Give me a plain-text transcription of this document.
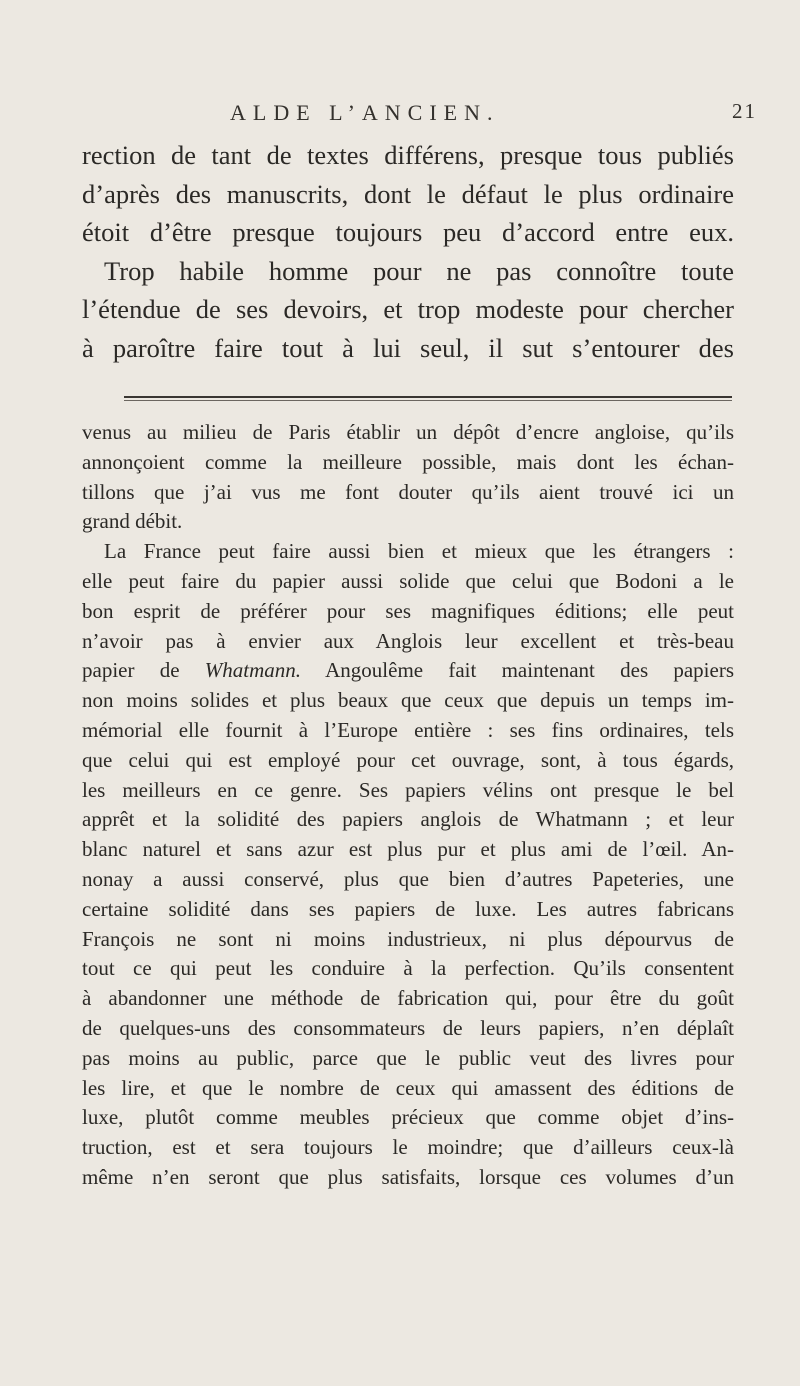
ALDE L’ANCIEN.	21
rection de tant de textes différens, presque tous publiés
d’après des manuscrits, dont le défaut le plus ordinaire
étoit d’être presque toujours peu d’accord entre eux.
Trop habile homme pour ne pas connoître toute
l’étendue de ses devoirs, et trop modeste pour chercher
à paroître faire tout à lui seul, il sut s’entourer des
venus au milieu de Paris établir un dépôt d’encre angloise, qu’ils
annonçoient comme la meilleure possible, mais dont les échan-
tillons que j’ai vus me font douter qu’ils aient trouvé ici un
grand débit.
La France peut faire aussi bien et mieux que les étrangers :
elle peut faire du papier aussi solide que celui que Bodoni a le
bon esprit de préférer pour ses magnifiques éditions; elle peut
n’avoir pas à envier aux Anglois leur excellent et très-beau
papier de Whatmann. Angoulême fait maintenant des papiers
non moins solides et plus beaux que ceux que depuis un temps im-
mémorial elle fournit à l’Europe entière : ses fins ordinaires, tels
que celui qui est employé pour cet ouvrage, sont, à tous égards,
les meilleurs en ce genre. Ses papiers vélins ont presque le bel
apprêt et la solidité des papiers anglois de Whatmann ; et leur
blanc naturel et sans azur est plus pur et plus ami de l’œil. An-
nonay a aussi conservé, plus que bien d’autres Papeteries, une
certaine solidité dans ses papiers de luxe. Les autres fabricans
François ne sont ni moins industrieux, ni plus dépourvus de
tout ce qui peut les conduire à la perfection. Qu’ils consentent
à abandonner une méthode de fabrication qui, pour être du goût
de quelques-uns des consommateurs de leurs papiers, n’en déplaît
pas moins au public, parce que le public veut des livres pour
les lire, et que le nombre de ceux qui amassent des éditions de
luxe, plutôt comme meubles précieux que comme objet d’ins-
truction, est et sera toujours le moindre; que d’ailleurs ceux-là
même n’en seront que plus satisfaits, lorsque ces volumes d’un
